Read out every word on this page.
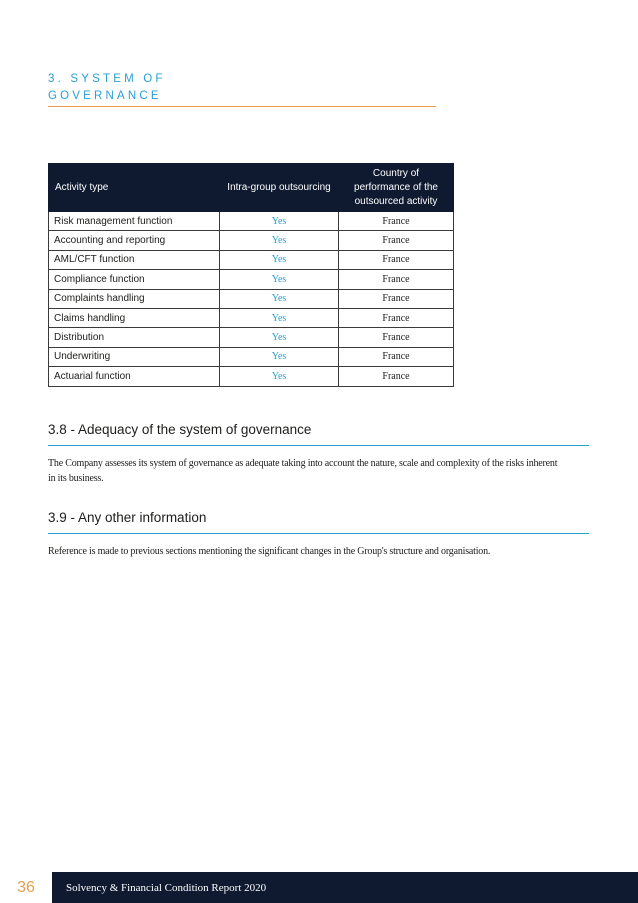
3. SYSTEM OF
GOVERNANCE
Activity type	Intra-group outsourcing	Country of performance of the outsourced activity
Risk management function	Yes	France
Accounting and reporting	Yes	France
AML/CFT function	Yes	France
Compliance function	Yes	France
Complaints handling	Yes	France
Claims handling	Yes	France
Distribution	Yes	France
Underwriting	Yes	France
Actuarial function	Yes	France
3.8 - Adequacy of the system of governance
The Company assesses its system of governance as adequate taking into account the nature, scale and complexity of the risks inherent in its business.
3.9 - Any other information
Reference is made to previous sections mentioning the significant changes in the Group's structure and organisation.
36	Solvency & Financial Condition Report 2020
